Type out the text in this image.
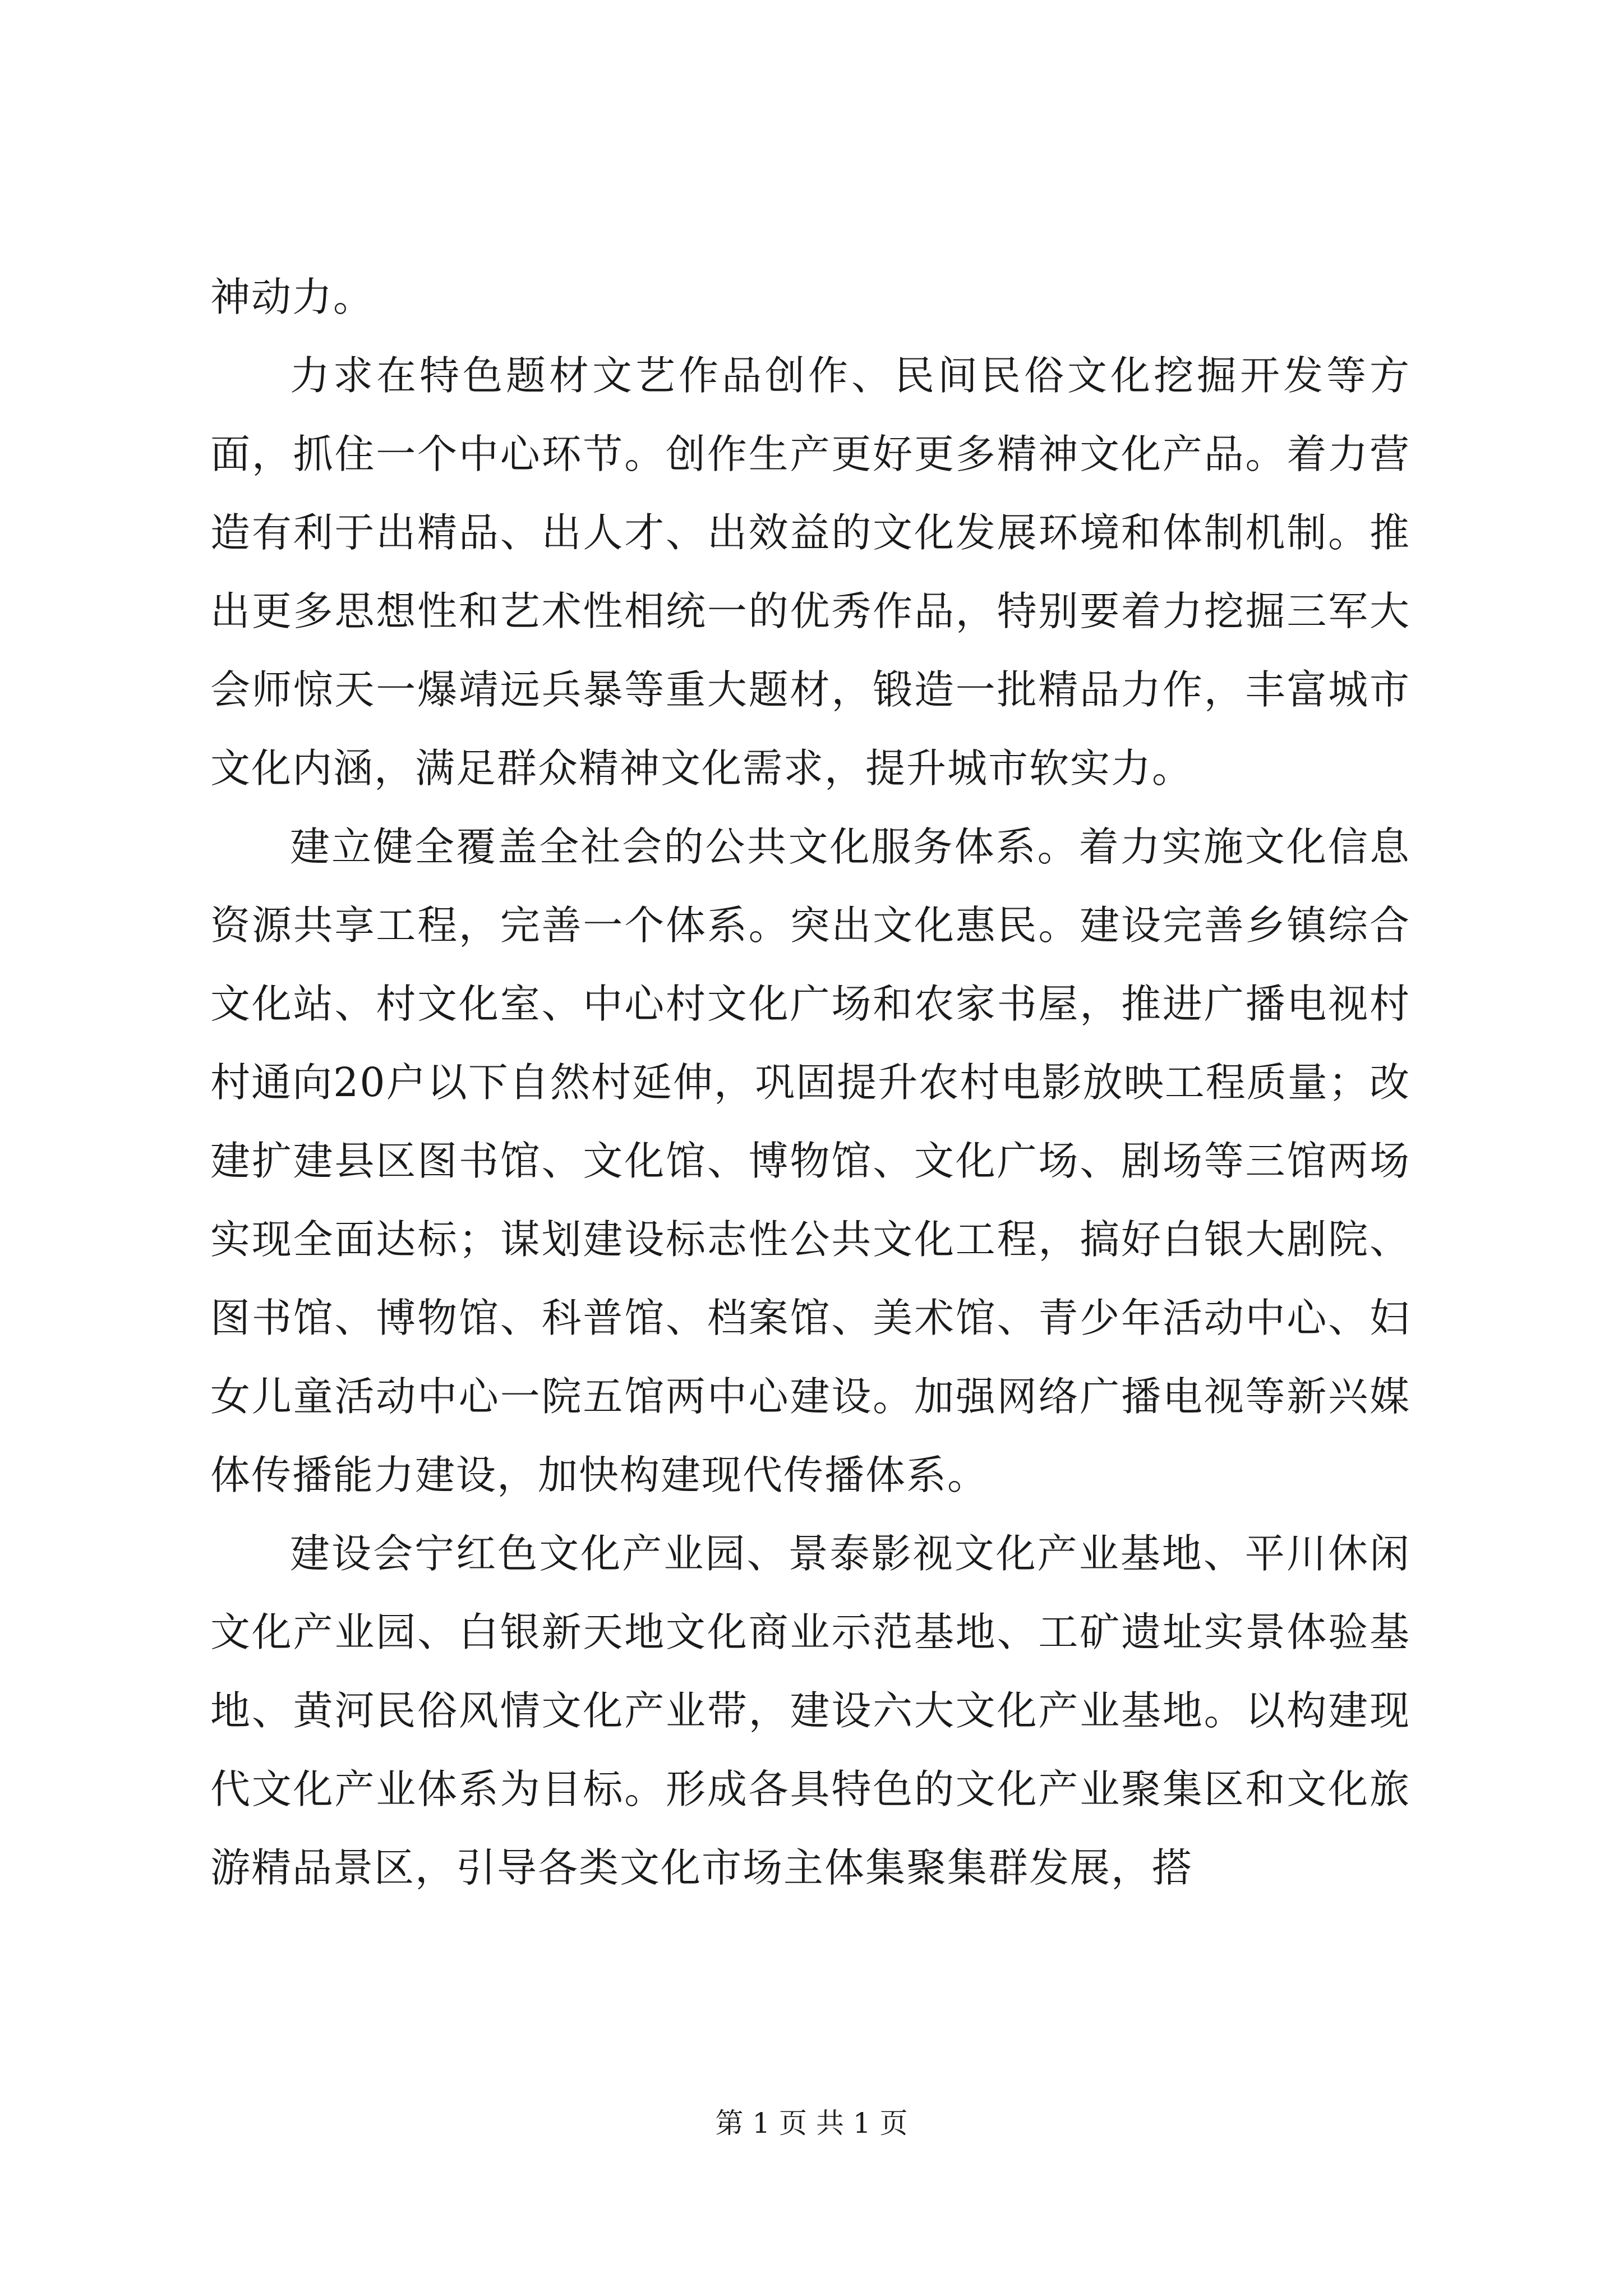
神动力。

力求在特色题材文艺作品创作、民间民俗文化挖掘开发等方面，抓住一个中心环节。创作生产更好更多精神文化产品。着力营造有利于出精品、出人才、出效益的文化发展环境和体制机制。推出更多思想性和艺术性相统一的优秀作品，特别要着力挖掘三军大会师惊天一爆靖远兵暴等重大题材，锻造一批精品力作，丰富城市文化内涵，满足群众精神文化需求，提升城市软实力。

建立健全覆盖全社会的公共文化服务体系。着力实施文化信息资源共享工程，完善一个体系。突出文化惠民。建设完善乡镇综合文化站、村文化室、中心村文化广场和农家书屋，推进广播电视村村通向20户以下自然村延伸，巩固提升农村电影放映工程质量；改建扩建县区图书馆、文化馆、博物馆、文化广场、剧场等三馆两场实现全面达标；谋划建设标志性公共文化工程，搞好白银大剧院、图书馆、博物馆、科普馆、档案馆、美术馆、青少年活动中心、妇女儿童活动中心一院五馆两中心建设。加强网络广播电视等新兴媒体传播能力建设，加快构建现代传播体系。

建设会宁红色文化产业园、景泰影视文化产业基地、平川休闲文化产业园、白银新天地文化商业示范基地、工矿遗址实景体验基地、黄河民俗风情文化产业带，建设六大文化产业基地。以构建现代文化产业体系为目标。形成各具特色的文化产业聚集区和文化旅游精品景区，引导各类文化市场主体集聚集群发展，搭

第 1 页 共 1 页
